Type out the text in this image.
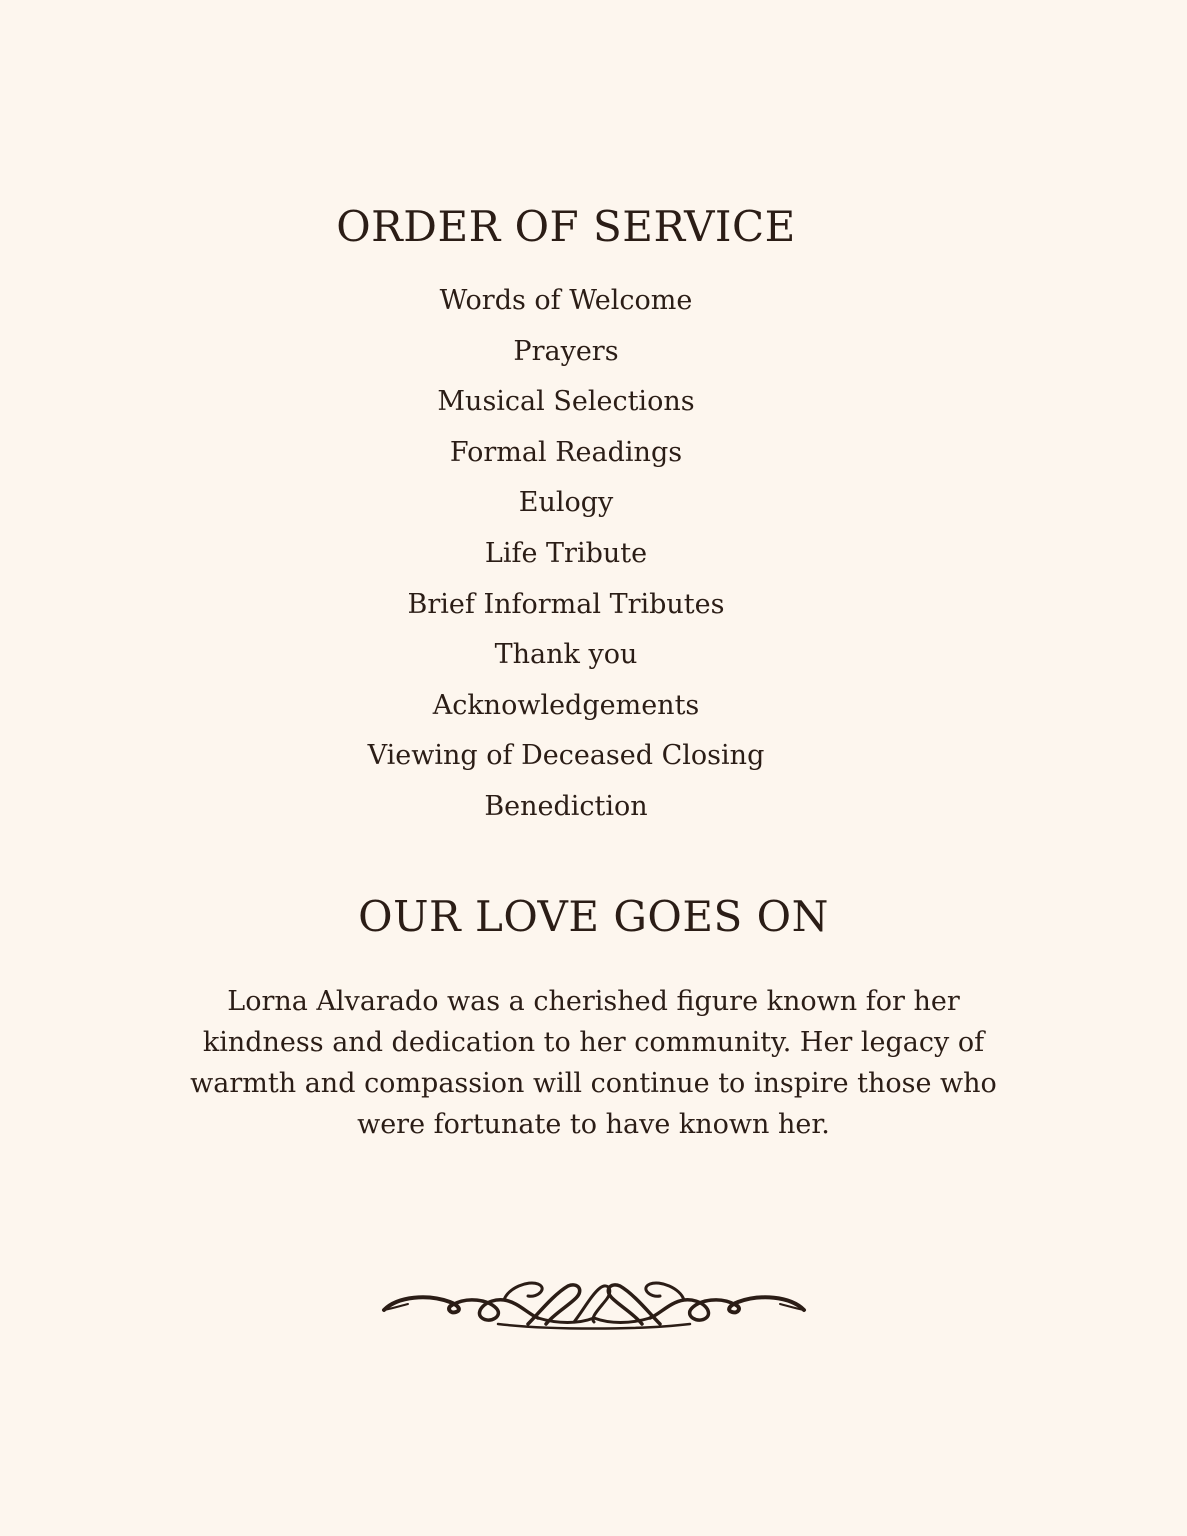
ORDER OF SERVICE
Words of Welcome
Prayers
Musical Selections
Formal Readings
Eulogy
Life Tribute
Brief Informal Tributes
Thank you
Acknowledgements
Viewing of Deceased Closing
Benediction
OUR LOVE GOES ON

Lorna Alvarado was a cherished figure known for her kindness and dedication to her community. Her legacy of warmth and compassion will continue to inspire those who were fortunate to have known her.
